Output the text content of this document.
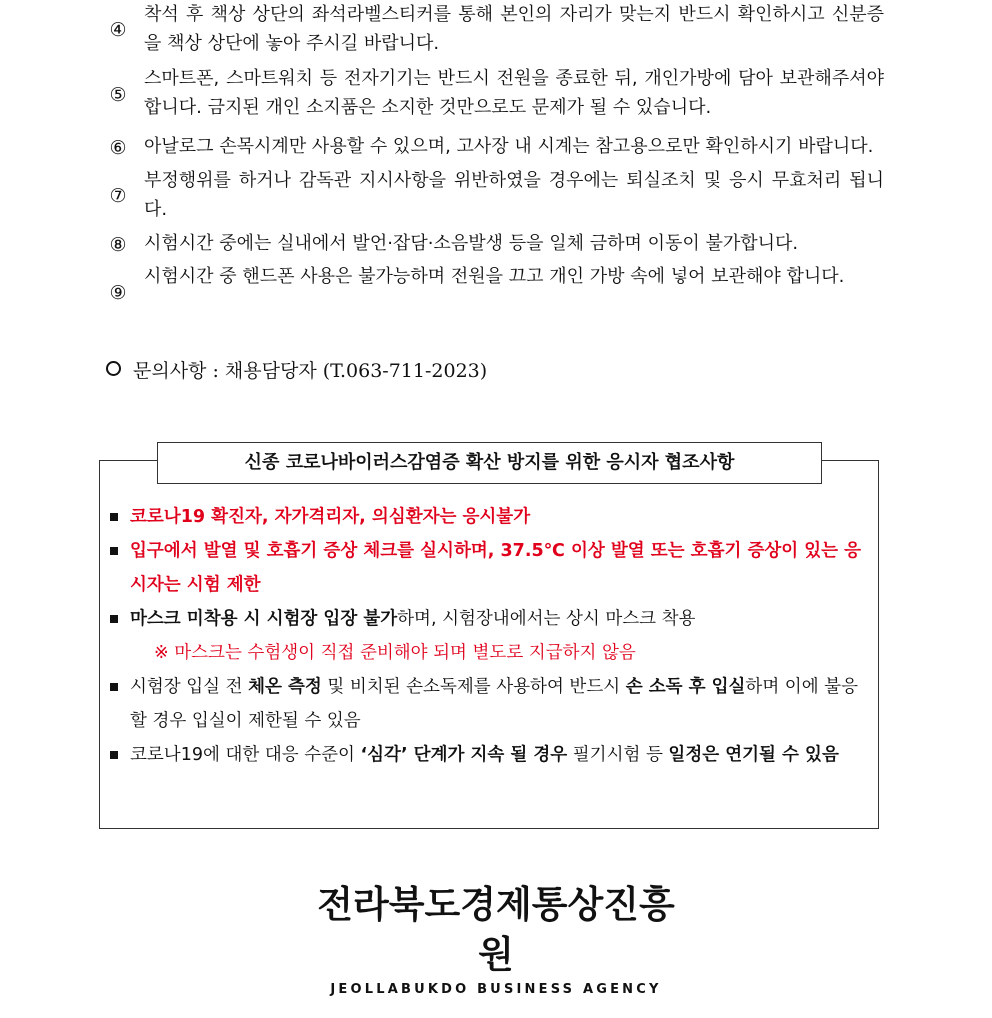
④
착석 후 책상 상단의 좌석라벨스티커를 통해 본인의 자리가 맞는지 반드시 확인하시고 신분증을 책상 상단에 놓아 주시길 바랍니다.
⑤
스마트폰, 스마트워치 등 전자기기는 반드시 전원을 종료한 뒤, 개인가방에 담아 보관해주셔야 합니다. 금지된 개인 소지품은 소지한 것만으로도 문제가 될 수 있습니다.
⑥ 아날로그 손목시계만 사용할 수 있으며, 고사장 내 시계는 참고용으로만 확인하시기 바랍니다.
⑦
부정행위를 하거나 감독관 지시사항을 위반하였을 경우에는 퇴실조치 및 응시 무효처리 됩니다.
⑧ 시험시간 중에는 실내에서 발언·잡담·소음발생 등을 일체 금하며 이동이 불가합니다.
⑨
시험시간 중 핸드폰 사용은 불가능하며 전원을 끄고 개인 가방 속에 넣어 보관해야 합니다.
문의사항 : 채용담당자 (T.063-711-2023)
신종 코로나바이러스감염증 확산 방지를 위한 응시자 협조사항
코로나19 확진자, 자가격리자, 의심환자는 응시불가
입구에서 발열 및 호흡기 증상 체크를 실시하며, 37.5℃ 이상 발열 또는 호흡기 증상이 있는 응시자는 시험 제한
마스크 미착용 시 시험장 입장 불가하며, 시험장내에서는 상시 마스크 착용
※ 마스크는 수험생이 직접 준비해야 되며 별도로 지급하지 않음
시험장 입실 전 체온 측정 및 비치된 손소독제를 사용하여 반드시 손 소독 후 입실하며 이에 불응할 경우 입실이 제한될 수 있음
코로나19에 대한 대응 수준이 ‘심각’ 단계가 지속 될 경우 필기시험 등 일정은 연기될 수 있음
전라북도경제통상진흥원
JEOLLABUKDO BUSINESS AGENCY
